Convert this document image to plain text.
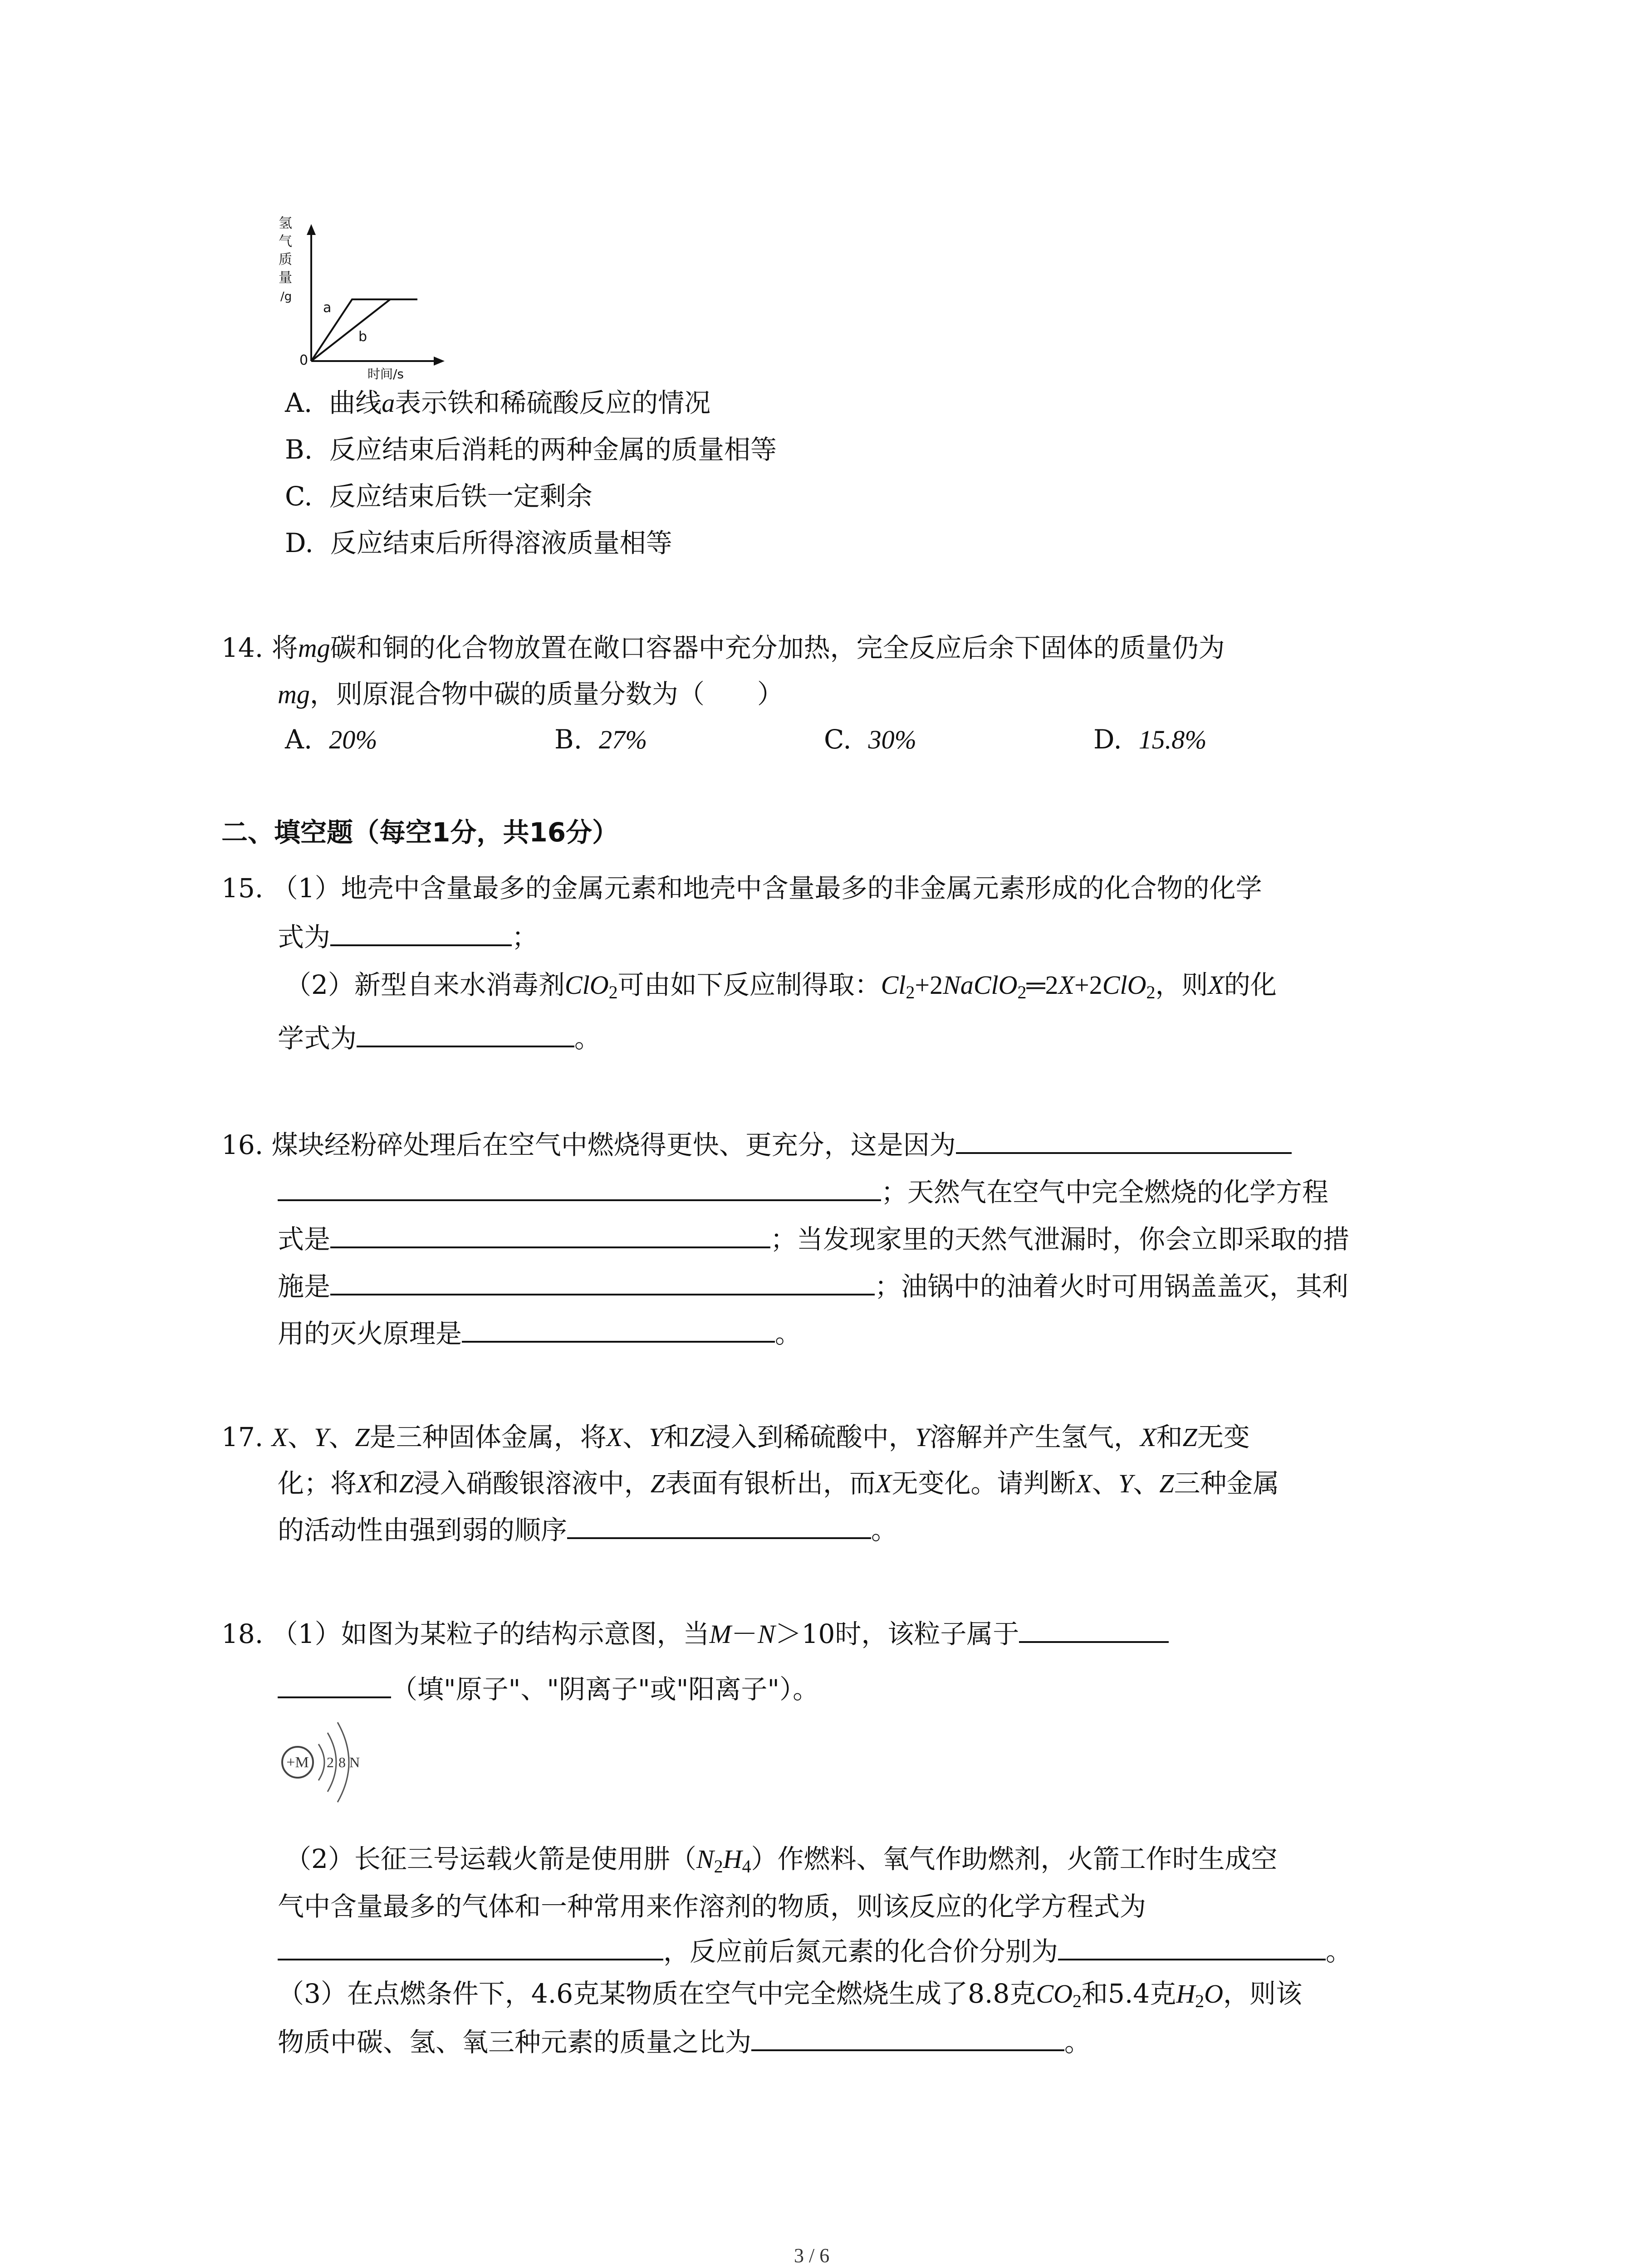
氢
气
质
量
/g
0
时间/s
a
b
A. 曲线a表示铁和稀硫酸反应的情况
B. 反应结束后消耗的两种金属的质量相等
C. 反应结束后铁一定剩余
D. 反应结束后所得溶液质量相等
14. 将mg碳和铜的化合物放置在敞口容器中充分加热，完全反应后余下固体的质量仍为
mg，则原混合物中碳的质量分数为（　　）
A. 20%	B. 27%	C. 30%	D. 15.8%
二、填空题（每空1分，共16分）
15. （1）地壳中含量最多的金属元素和地壳中含量最多的非金属元素形成的化合物的化学
式为	；
（2）新型自来水消毒剂ClO$_2$可由如下反应制得取：$Cl_2+2NaClO_2═2X+2ClO_2$，则X的化
学式为	。
16. 煤块经粉碎处理后在空气中燃烧得更快、更充分，这是因为
；天然气在空气中完全燃烧的化学方程
式是	；当发现家里的天然气泄漏时，你会立即采取的措
施是	；油锅中的油着火时可用锅盖盖灭，其利
用的灭火原理是	。
17. X、Y、Z是三种固体金属，将X、Y和Z浸入到稀硫酸中，Y溶解并产生氢气，X和Z无变
化；将X和Z浸入硝酸银溶液中，Z表面有银析出，而X无变化。请判断X、Y、Z三种金属
的活动性由强到弱的顺序	。
18. （1）如图为某粒子的结构示意图，当M－N＞10时，该粒子属于
（填"原子"、"阴离子"或"阳离子"）。
+M 2 8 N
（2）长征三号运载火箭是使用肼$(N_2H_4)$作燃料、氧气作助燃剂，火箭工作时生成空
气中含量最多的气体和一种常用来作溶剂的物质，则该反应的化学方程式为
，反应前后氮元素的化合价分别为	。
（3）在点燃条件下，4.6克某物质在空气中完全燃烧生成了8.8克$CO_2$和5.4克$H_2O$，则该
物质中碳、氢、氧三种元素的质量之比为	。
3 / 6
